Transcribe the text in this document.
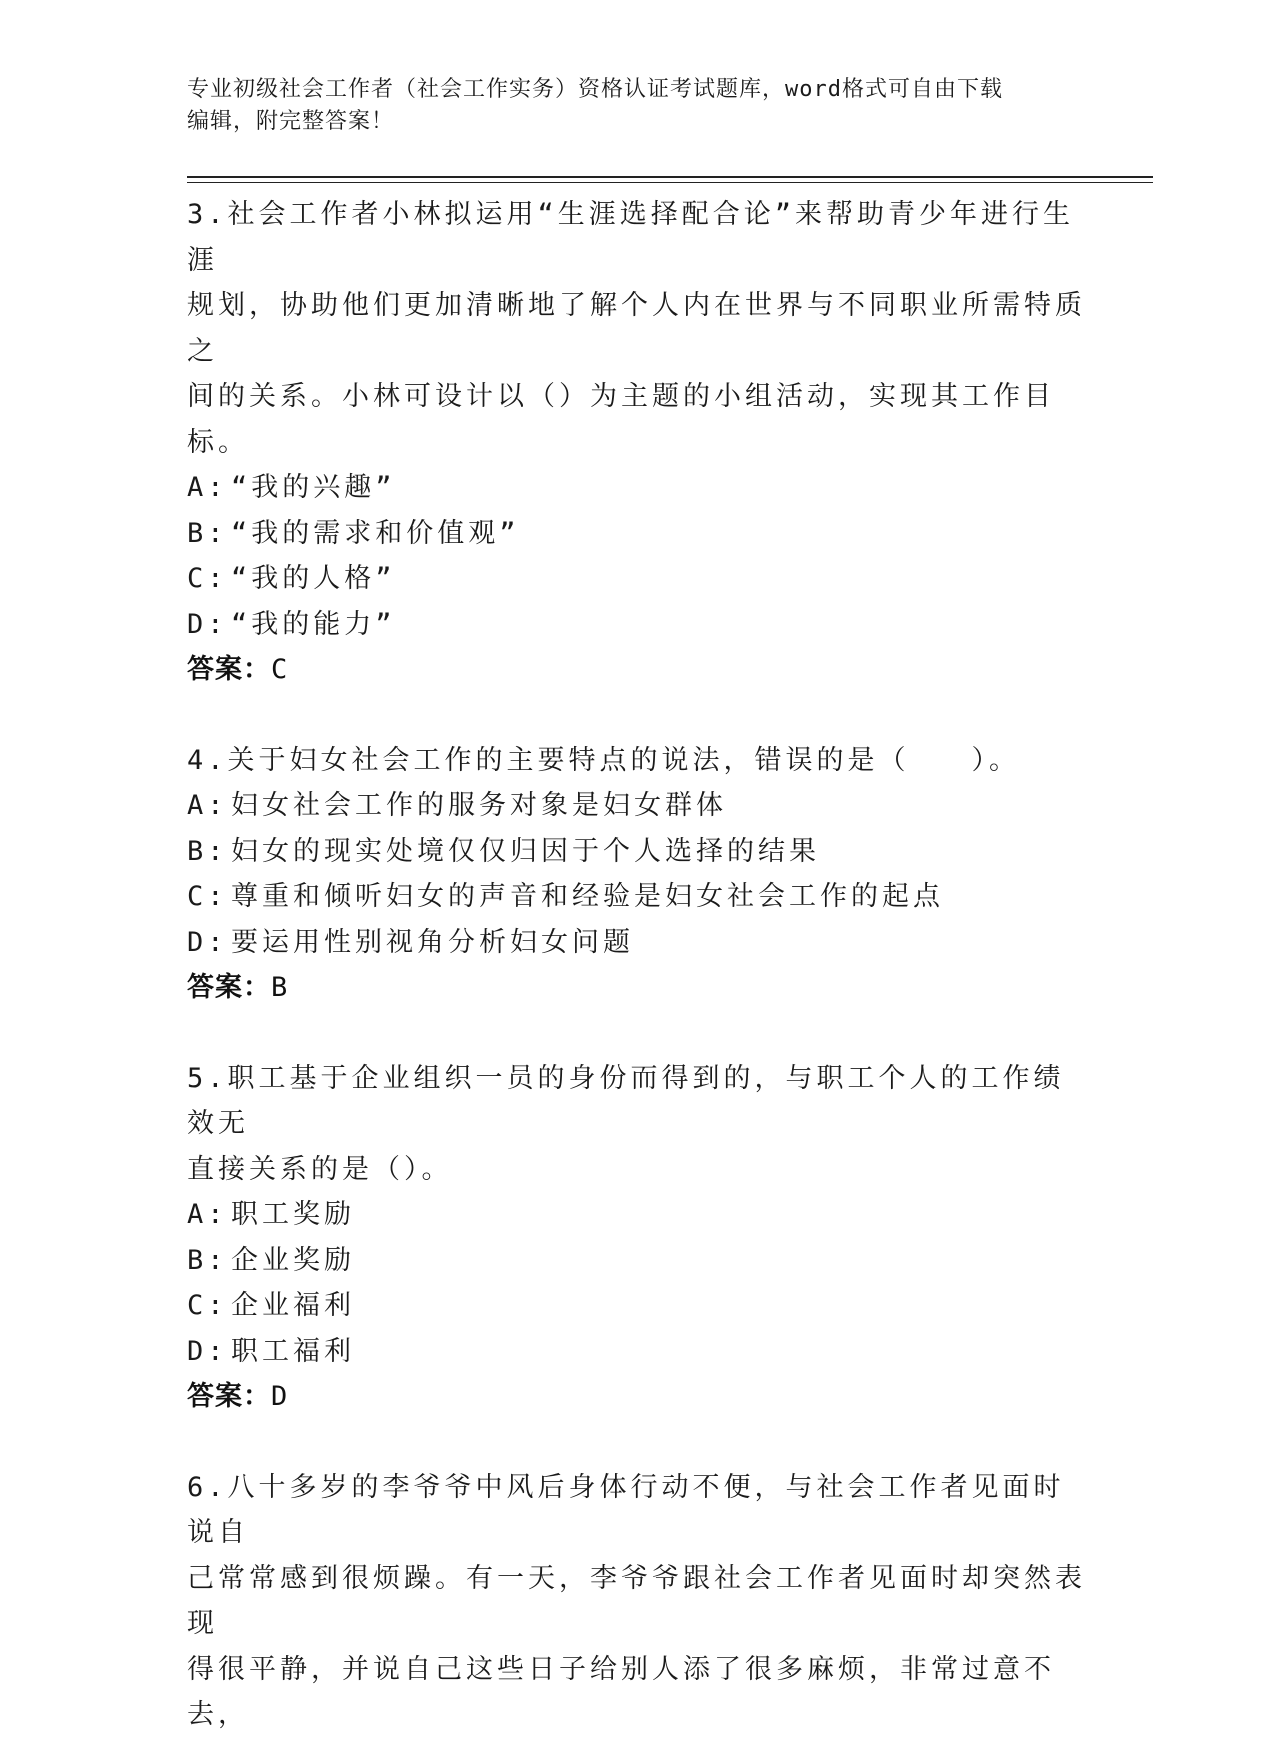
专业初级社会工作者（社会工作实务）资格认证考试题库，word格式可自由下载
编辑，附完整答案！

3.社会工作者小林拟运用“生涯选择配合论”来帮助青少年进行生涯

规划，协助他们更加清晰地了解个人内在世界与不同职业所需特质之

间的关系。小林可设计以（）为主题的小组活动，实现其工作目标。

A: “我的兴趣”

B: “我的需求和价值观”

C: “我的人格”

D: “我的能力”

答案：C

4.关于妇女社会工作的主要特点的说法，错误的是（　　）。

A: 妇女社会工作的服务对象是妇女群体

B: 妇女的现实处境仅仅归因于个人选择的结果

C: 尊重和倾听妇女的声音和经验是妇女社会工作的起点

D: 要运用性别视角分析妇女问题

答案：B

5.职工基于企业组织一员的身份而得到的，与职工个人的工作绩效无

直接关系的是（）。

A: 职工奖励

B: 企业奖励

C: 企业福利

D: 职工福利

答案：D

6.八十多岁的李爷爷中风后身体行动不便，与社会工作者见面时说自

己常常感到很烦躁。有一天，李爷爷跟社会工作者见面时却突然表现

得很平静，并说自己这些日子给别人添了很多麻烦，非常过意不去，
